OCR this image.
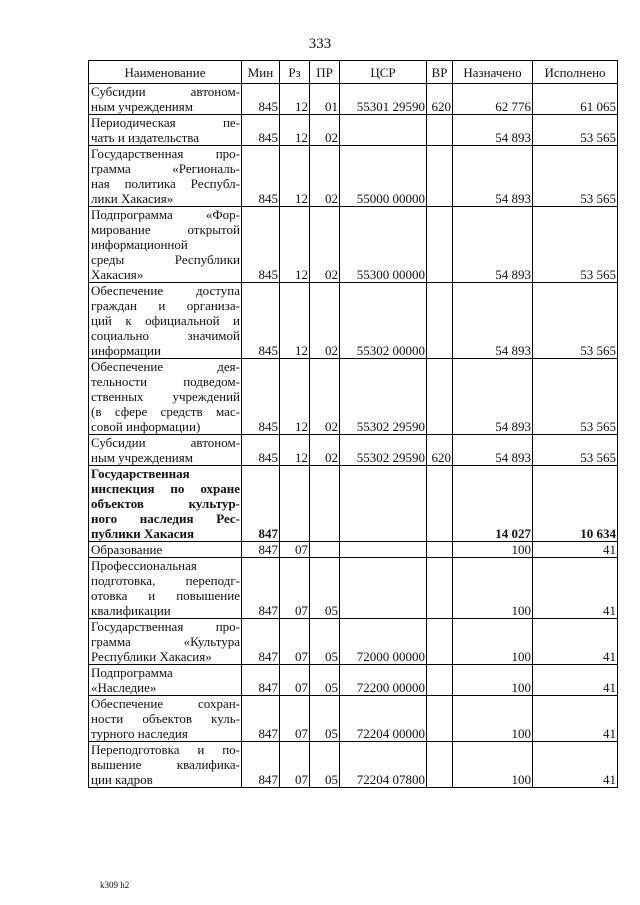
333
Наименование	Мин	Рз	ПР	ЦСР	ВР	Назначено	Исполнено

Субсидии автоном-
ным учреждениям	845	12	01	55301 29590	620	62 776	61 065

Периодическая пе-
чать и издательства	845	12	02			54 893	53 565

Государственная про-
грамма «Региональ-
ная политика Республ-
лики Хакасия»	845	12	02	55000 00000		54 893	53 565

Подпрограмма «Фор-
мирование открытой
информационной
среды Республики
Хакасия»	845	12	02	55300 00000		54 893	53 565

Обеспечение доступа
граждан и организа-
ций к официальной и
социально значимой
информации	845	12	02	55302 00000		54 893	53 565

Обеспечение дея-
тельности подведом-
ственных учреждений
(в сфере средств мас-
совой информации)	845	12	02	55302 29590		54 893	53 565

Субсидии автоном-
ным учреждениям	845	12	02	55302 29590	620	54 893	53 565

Государственная
инспекция по охране
объектов культур-
ного наследия Рес-
публики Хакасия	847					14 027	10 634

Образование	847	07				100	41

Профессиональная
подготовка, переподг-
отовка и повышение
квалификации	847	07	05			100	41

Государственная про-
грамма «Культура
Республики Хакасия»	847	07	05	72000 00000		100	41

Подпрограмма
«Наследие»	847	07	05	72200 00000		100	41

Обеспечение сохран-
ности объектов куль-
турного наследия	847	07	05	72204 00000		100	41

Переподготовка и по-
вышение квалифика-
ции кадров	847	07	05	72204 07800		100	41
k309 h2
